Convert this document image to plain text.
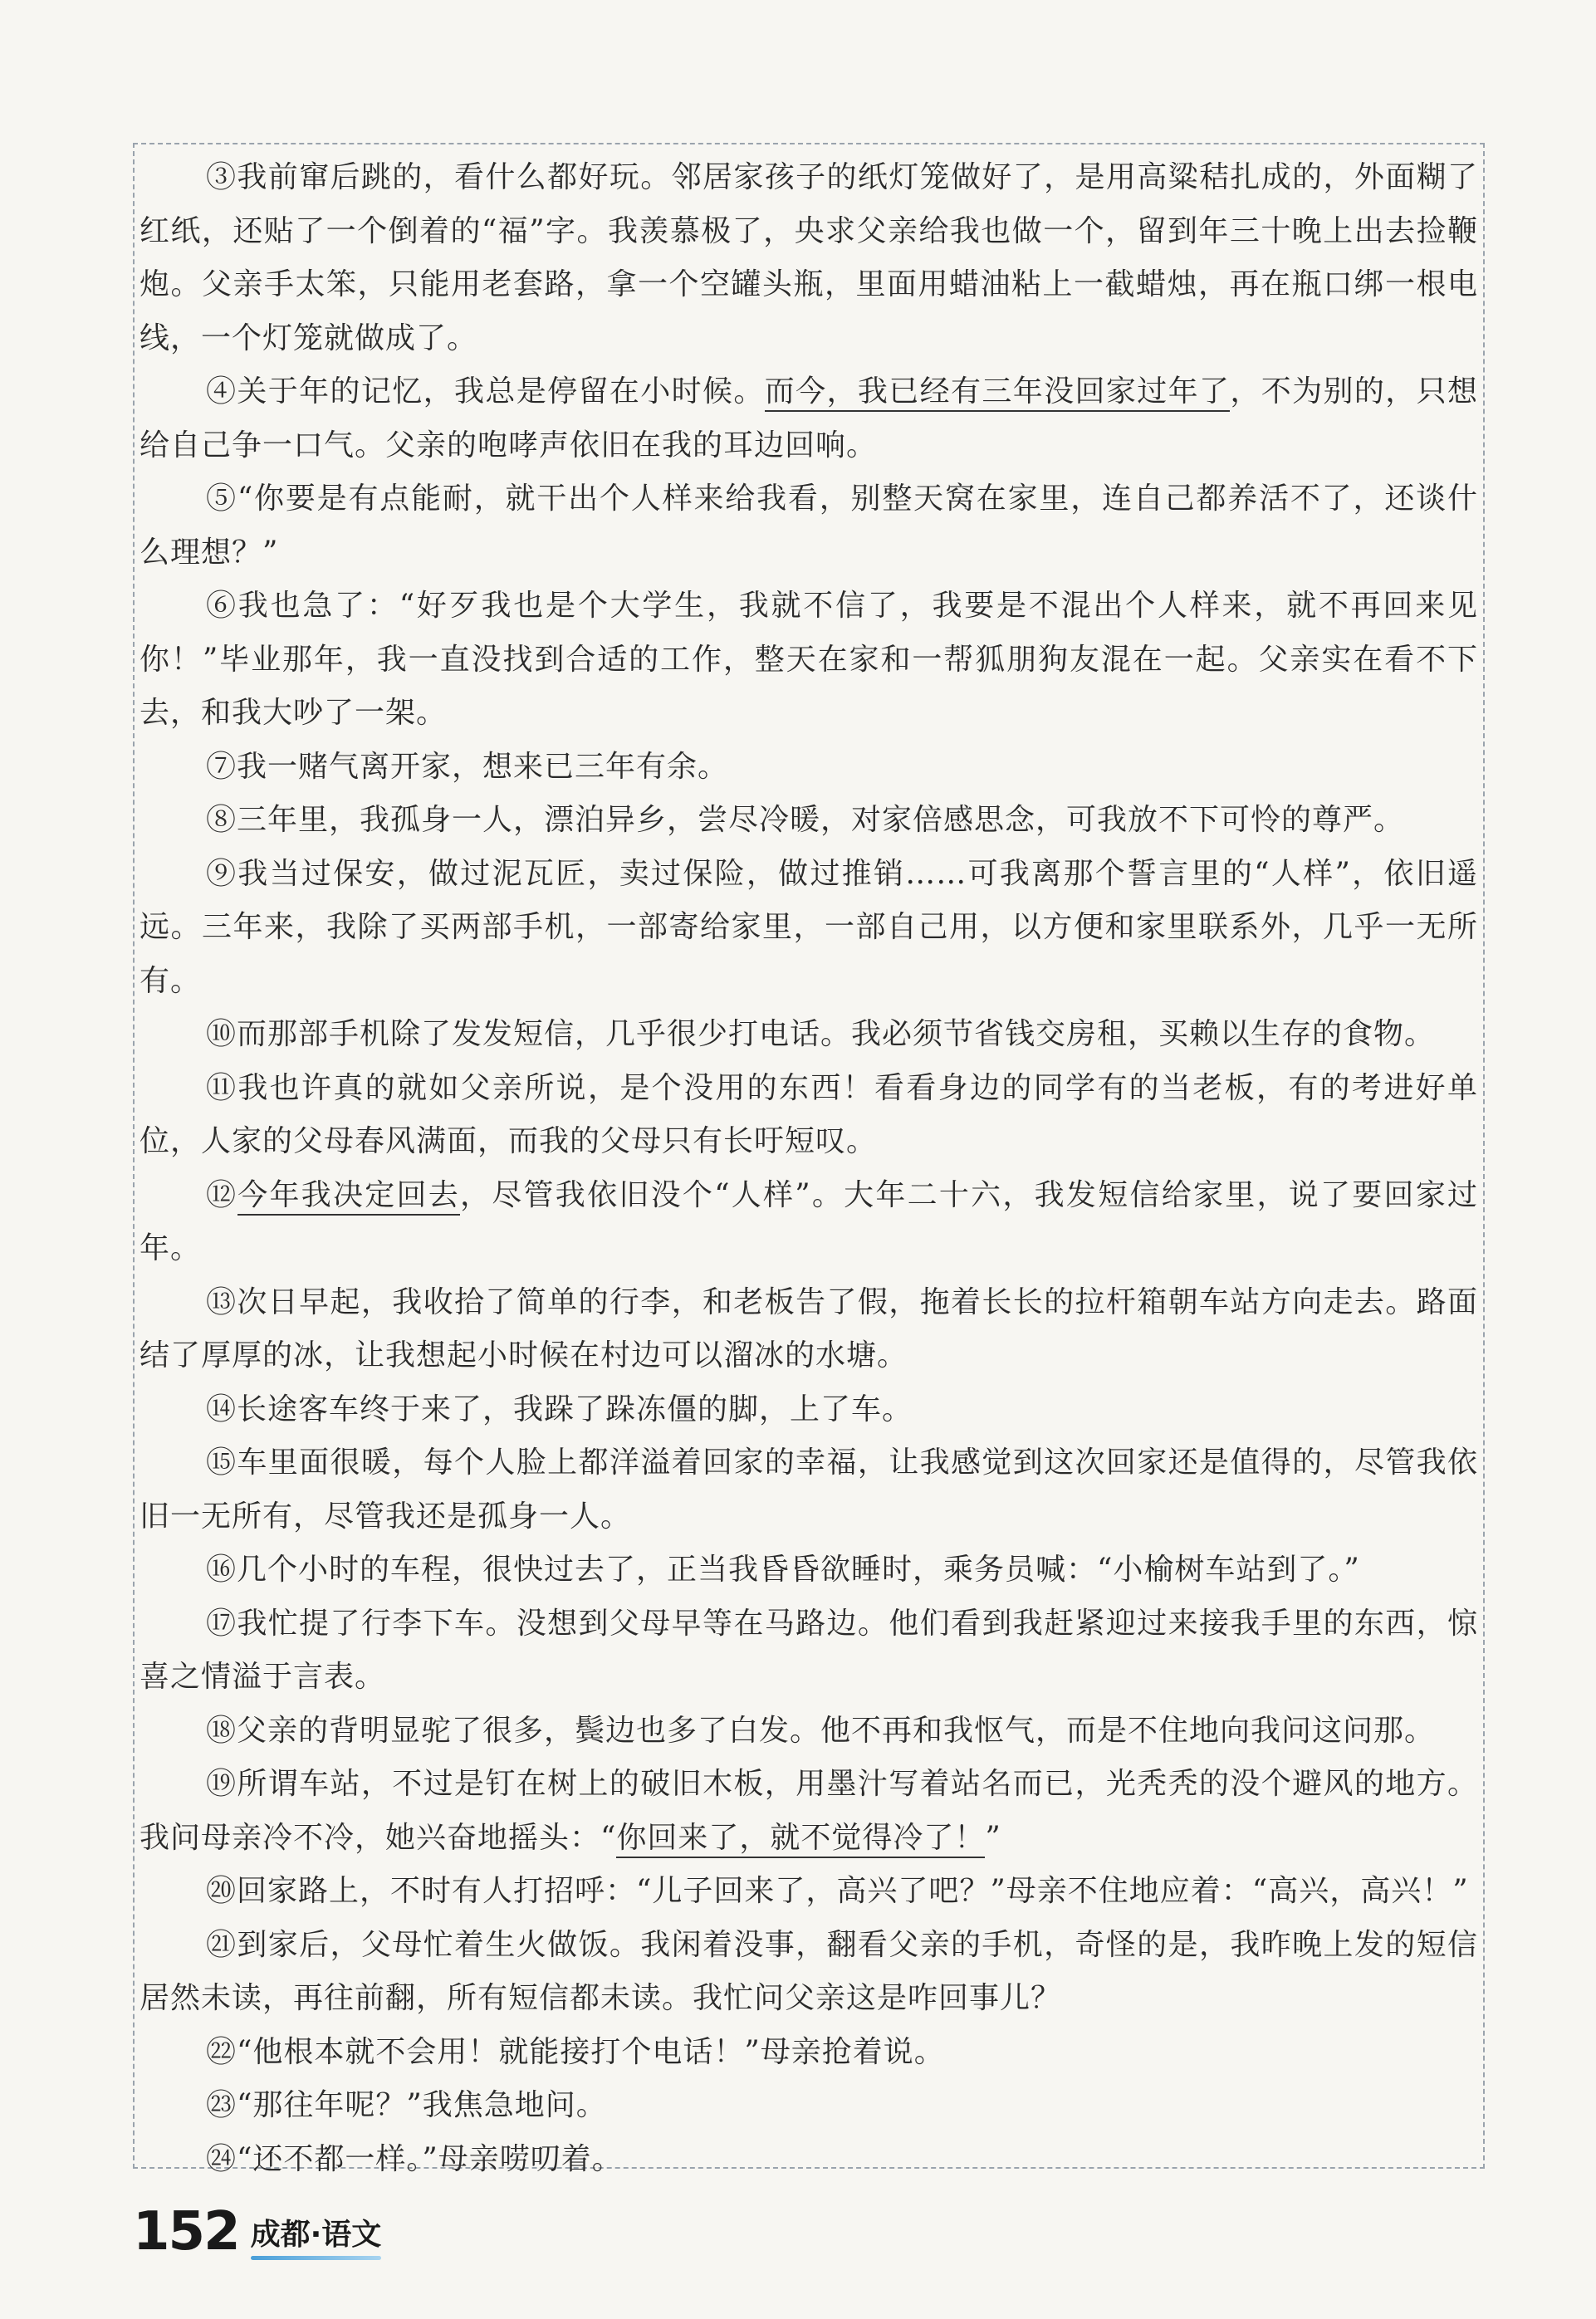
③我前窜后跳的，看什么都好玩。邻居家孩子的纸灯笼做好了，是用高粱秸扎成的，外面糊了红纸，还贴了一个倒着的“福”字。我羡慕极了，央求父亲给我也做一个，留到年三十晚上出去捡鞭炮。父亲手太笨，只能用老套路，拿一个空罐头瓶，里面用蜡油粘上一截蜡烛，再在瓶口绑一根电线，一个灯笼就做成了。

④关于年的记忆，我总是停留在小时候。而今，我已经有三年没回家过年了，不为别的，只想给自己争一口气。父亲的咆哮声依旧在我的耳边回响。

⑤“你要是有点能耐，就干出个人样来给我看，别整天窝在家里，连自己都养活不了，还谈什么理想？”

⑥我也急了：“好歹我也是个大学生，我就不信了，我要是不混出个人样来，就不再回来见你！”毕业那年，我一直没找到合适的工作，整天在家和一帮狐朋狗友混在一起。父亲实在看不下去，和我大吵了一架。

⑦我一赌气离开家，想来已三年有余。

⑧三年里，我孤身一人，漂泊异乡，尝尽冷暖，对家倍感思念，可我放不下可怜的尊严。

⑨我当过保安，做过泥瓦匠，卖过保险，做过推销……可我离那个誓言里的“人样”，依旧遥远。三年来，我除了买两部手机，一部寄给家里，一部自己用，以方便和家里联系外，几乎一无所有。

⑩而那部手机除了发发短信，几乎很少打电话。我必须节省钱交房租，买赖以生存的食物。

⑪我也许真的就如父亲所说，是个没用的东西！看看身边的同学有的当老板，有的考进好单位，人家的父母春风满面，而我的父母只有长吁短叹。

⑫今年我决定回去，尽管我依旧没个“人样”。大年二十六，我发短信给家里，说了要回家过年。

⑬次日早起，我收拾了简单的行李，和老板告了假，拖着长长的拉杆箱朝车站方向走去。路面结了厚厚的冰，让我想起小时候在村边可以溜冰的水塘。

⑭长途客车终于来了，我跺了跺冻僵的脚，上了车。

⑮车里面很暖，每个人脸上都洋溢着回家的幸福，让我感觉到这次回家还是值得的，尽管我依旧一无所有，尽管我还是孤身一人。

⑯几个小时的车程，很快过去了，正当我昏昏欲睡时，乘务员喊：“小榆树车站到了。”

⑰我忙提了行李下车。没想到父母早等在马路边。他们看到我赶紧迎过来接我手里的东西，惊喜之情溢于言表。

⑱父亲的背明显驼了很多，鬓边也多了白发。他不再和我怄气，而是不住地向我问这问那。

⑲所谓车站，不过是钉在树上的破旧木板，用墨汁写着站名而已，光秃秃的没个避风的地方。我问母亲冷不冷，她兴奋地摇头：“你回来了，就不觉得冷了！”

⑳回家路上，不时有人打招呼：“儿子回来了，高兴了吧？”母亲不住地应着：“高兴，高兴！”

㉑到家后，父母忙着生火做饭。我闲着没事，翻看父亲的手机，奇怪的是，我昨晚上发的短信居然未读，再往前翻，所有短信都未读。我忙问父亲这是咋回事儿？

㉒“他根本就不会用！就能接打个电话！”母亲抢着说。

㉓“那往年呢？”我焦急地问。

㉔“还不都一样。”母亲唠叨着。

152 成都·语文
